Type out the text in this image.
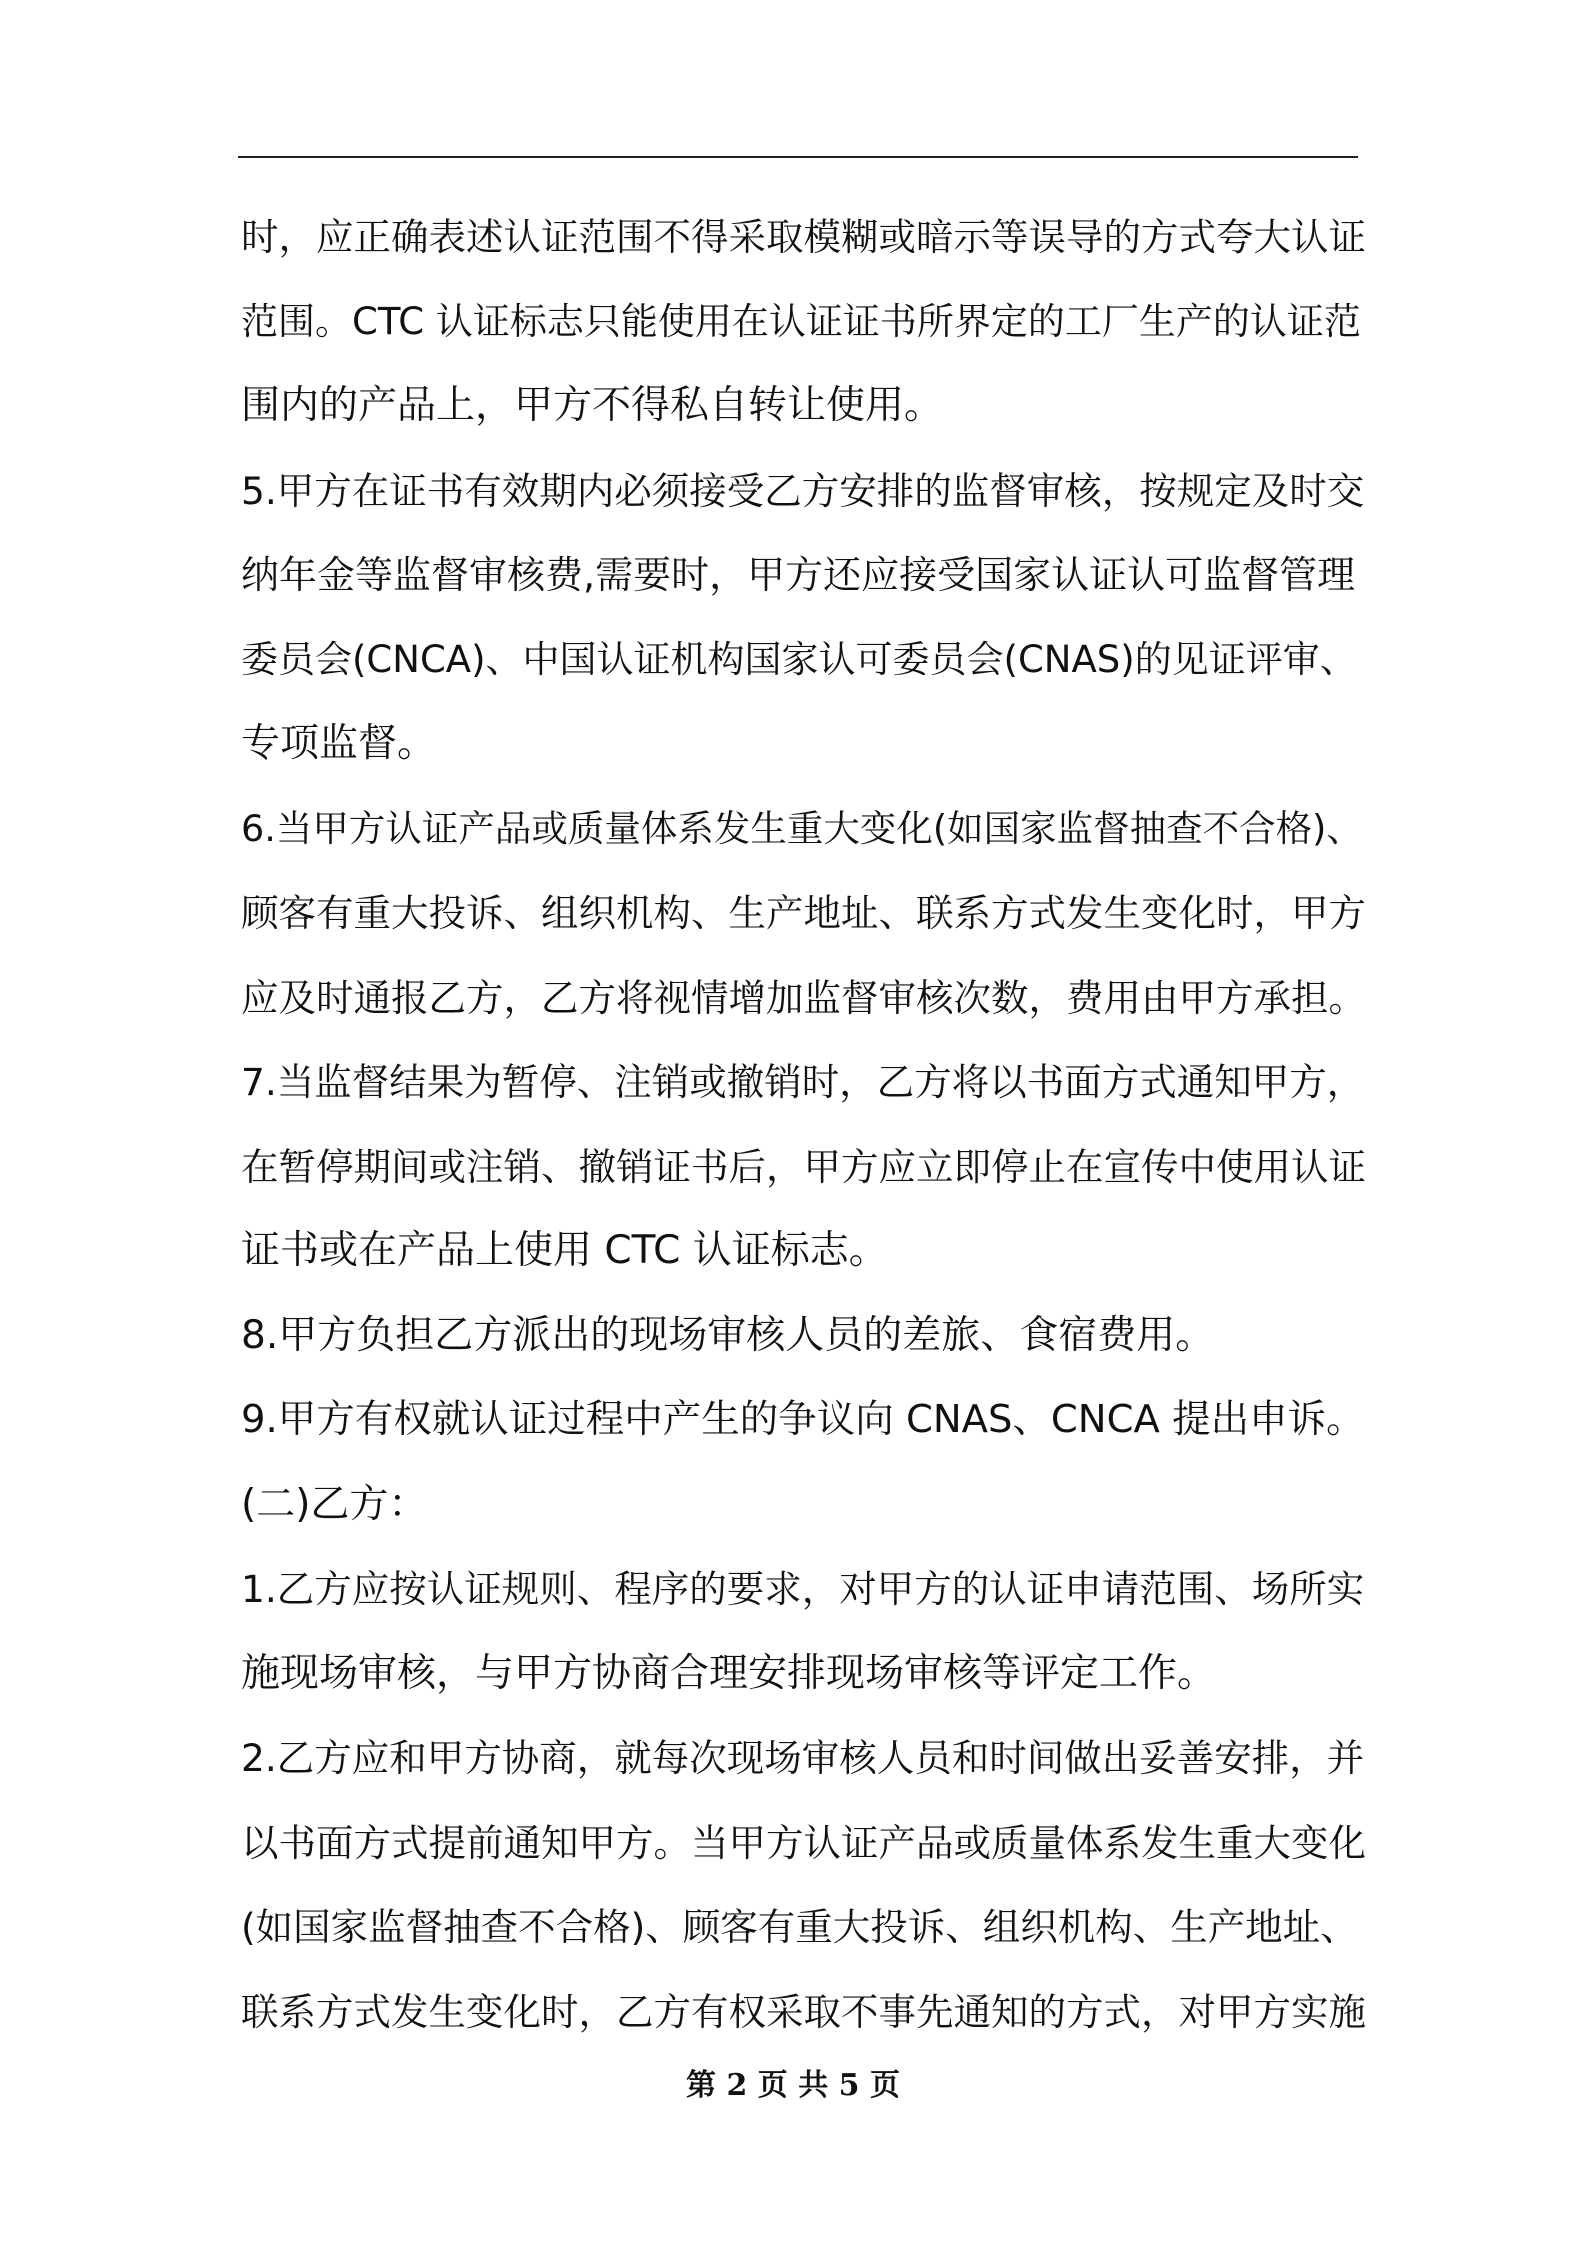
时，应正确表述认证范围不得采取模糊或暗示等误导的方式夸大认证
范围。CTC 认证标志只能使用在认证证书所界定的工厂生产的认证范
围内的产品上，甲方不得私自转让使用。
5.甲方在证书有效期内必须接受乙方安排的监督审核，按规定及时交
纳年金等监督审核费,需要时，甲方还应接受国家认证认可监督管理
委员会(CNCA)、中国认证机构国家认可委员会(CNAS)的见证评审、
专项监督。
6.当甲方认证产品或质量体系发生重大变化(如国家监督抽查不合格)、
顾客有重大投诉、组织机构、生产地址、联系方式发生变化时，甲方
应及时通报乙方，乙方将视情增加监督审核次数，费用由甲方承担。
7.当监督结果为暂停、注销或撤销时，乙方将以书面方式通知甲方，
在暂停期间或注销、撤销证书后，甲方应立即停止在宣传中使用认证
证书或在产品上使用 CTC 认证标志。
8.甲方负担乙方派出的现场审核人员的差旅、食宿费用。
9.甲方有权就认证过程中产生的争议向 CNAS、CNCA 提出申诉。
(二)乙方：
1.乙方应按认证规则、程序的要求，对甲方的认证申请范围、场所实
施现场审核，与甲方协商合理安排现场审核等评定工作。
2.乙方应和甲方协商，就每次现场审核人员和时间做出妥善安排，并
以书面方式提前通知甲方。当甲方认证产品或质量体系发生重大变化
(如国家监督抽查不合格)、顾客有重大投诉、组织机构、生产地址、
联系方式发生变化时，乙方有权采取不事先通知的方式，对甲方实施
第 2 页 共 5 页
